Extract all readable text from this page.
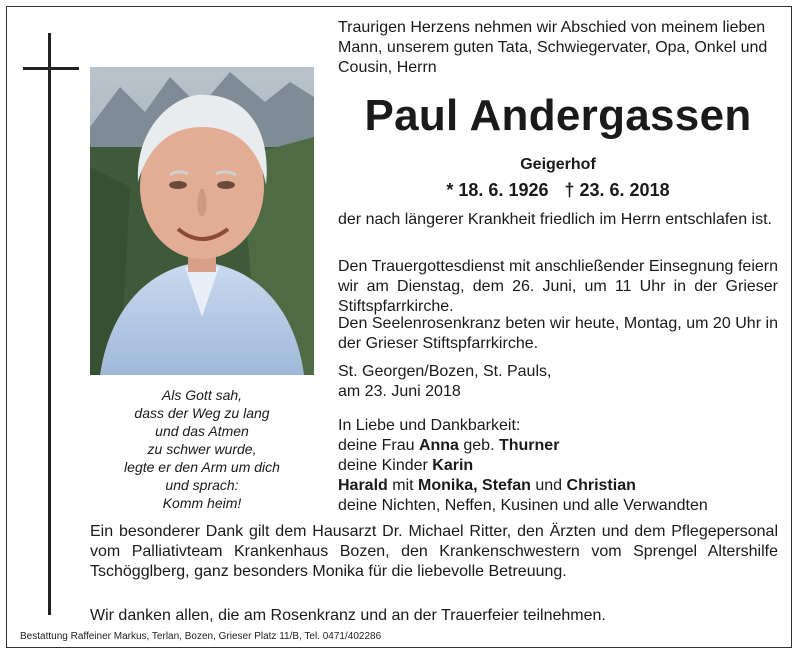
Als Gott sah,
dass der Weg zu lang
und das Atmen
zu schwer wurde,
legte er den Arm um dich
und sprach:
Komm heim!
Traurigen Herzens nehmen wir Abschied von meinem lieben Mann, unserem guten Tata, Schwiegervater, Opa, Onkel und Cousin, Herrn
Paul Andergassen
Geigerhof
* 18. 6. 1926 † 23. 6. 2018
der nach längerer Krankheit friedlich im Herrn entschlafen ist.
Den Trauergottesdienst mit anschließender Einsegnung feiern wir am Dienstag, dem 26. Juni, um 11 Uhr in der Grieser Stiftspfarrkirche.
Den Seelenrosenkranz beten wir heute, Montag, um 20 Uhr in der Grieser Stiftspfarrkirche.
St. Georgen/Bozen, St. Pauls,
am 23. Juni 2018
In Liebe und Dankbarkeit:
deine Frau Anna geb. Thurner
deine Kinder Karin
Harald mit Monika, Stefan und Christian
deine Nichten, Neffen, Kusinen und alle Verwandten
Ein besonderer Dank gilt dem Hausarzt Dr. Michael Ritter, den Ärzten und dem Pflegepersonal vom Palliativteam Krankenhaus Bozen, den Krankenschwestern vom Sprengel Altershilfe Tschögglberg, ganz besonders Monika für die liebevolle Betreuung.
Wir danken allen, die am Rosenkranz und an der Trauerfeier teilnehmen.
Bestattung Raffeiner Markus, Terlan, Bozen, Grieser Platz 11/B, Tel. 0471/402286
